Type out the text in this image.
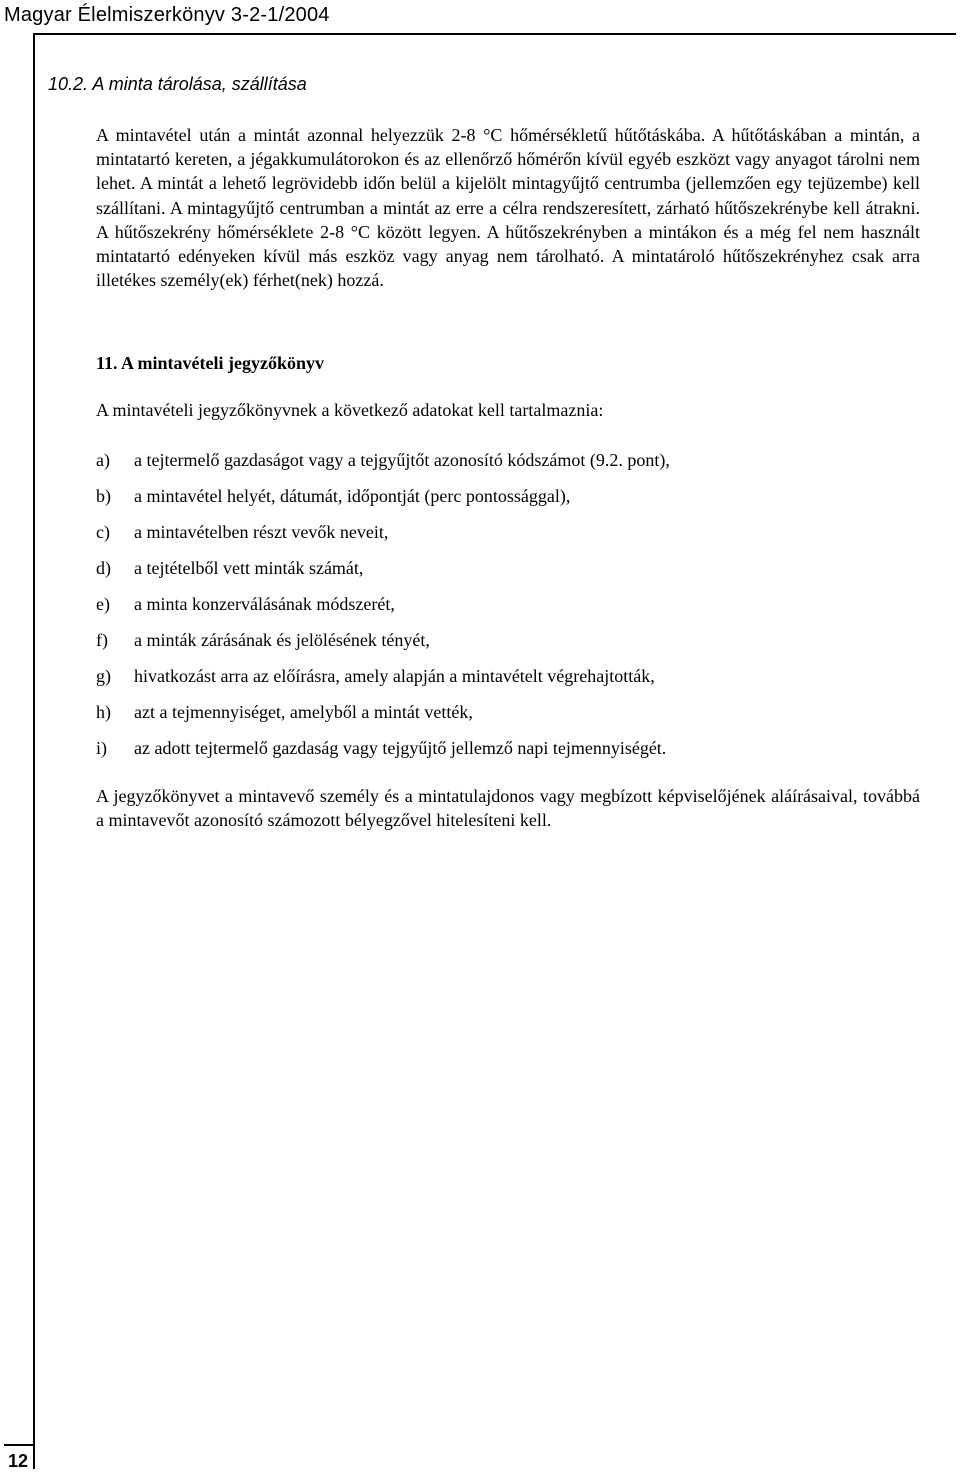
Magyar Élelmiszerkönyv 3-2-1/2004
10.2. A minta tárolása, szállítása

A mintavétel után a mintát azonnal helyezzük 2-8 °C hőmérsékletű hűtőtáskába. A hűtőtáskában a mintán, a mintatartó kereten, a jégakkumulátorokon és az ellenőrző hőmérőn kívül egyéb eszközt vagy anyagot tárolni nem lehet. A mintát a lehető legrövidebb időn belül a kijelölt mintagyűjtő centrumba (jellemzően egy tejüzembe) kell szállítani. A mintagyűjtő centrumban a mintát az erre a célra rendszeresített, zárható hűtőszekrénybe kell átrakni. A hűtőszekrény hőmérséklete 2-8 °C között legyen. A hűtőszekrényben a mintákon és a még fel nem használt mintatartó edényeken kívül más eszköz vagy anyag nem tárolható. A mintatároló hűtőszekrényhez csak arra illetékes személy(ek) férhet(nek) hozzá.

11. A mintavételi jegyzőkönyv
A mintavételi jegyzőkönyvnek a következő adatokat kell tartalmaznia:
a)	a tejtermelő gazdaságot vagy a tejgyűjtőt azonosító kódszámot (9.2. pont),
b)	a mintavétel helyét, dátumát, időpontját (perc pontossággal),
c)	a mintavételben részt vevők neveit,
d)	a tejtételből vett minták számát,
e)	a minta konzerválásának módszerét,
f)	a minták zárásának és jelölésének tényét,
g)	hivatkozást arra az előírásra, amely alapján a mintavételt végrehajtották,
h)	azt a tejmennyiséget, amelyből a mintát vették,
i)	az adott tejtermelő gazdaság vagy tejgyűjtő jellemző napi tejmennyiségét.

A jegyzőkönyvet a mintavevő személy és a mintatulajdonos vagy megbízott képviselőjének aláírásaival, továbbá a mintavevőt azonosító számozott bélyegzővel hitelesíteni kell.

12
